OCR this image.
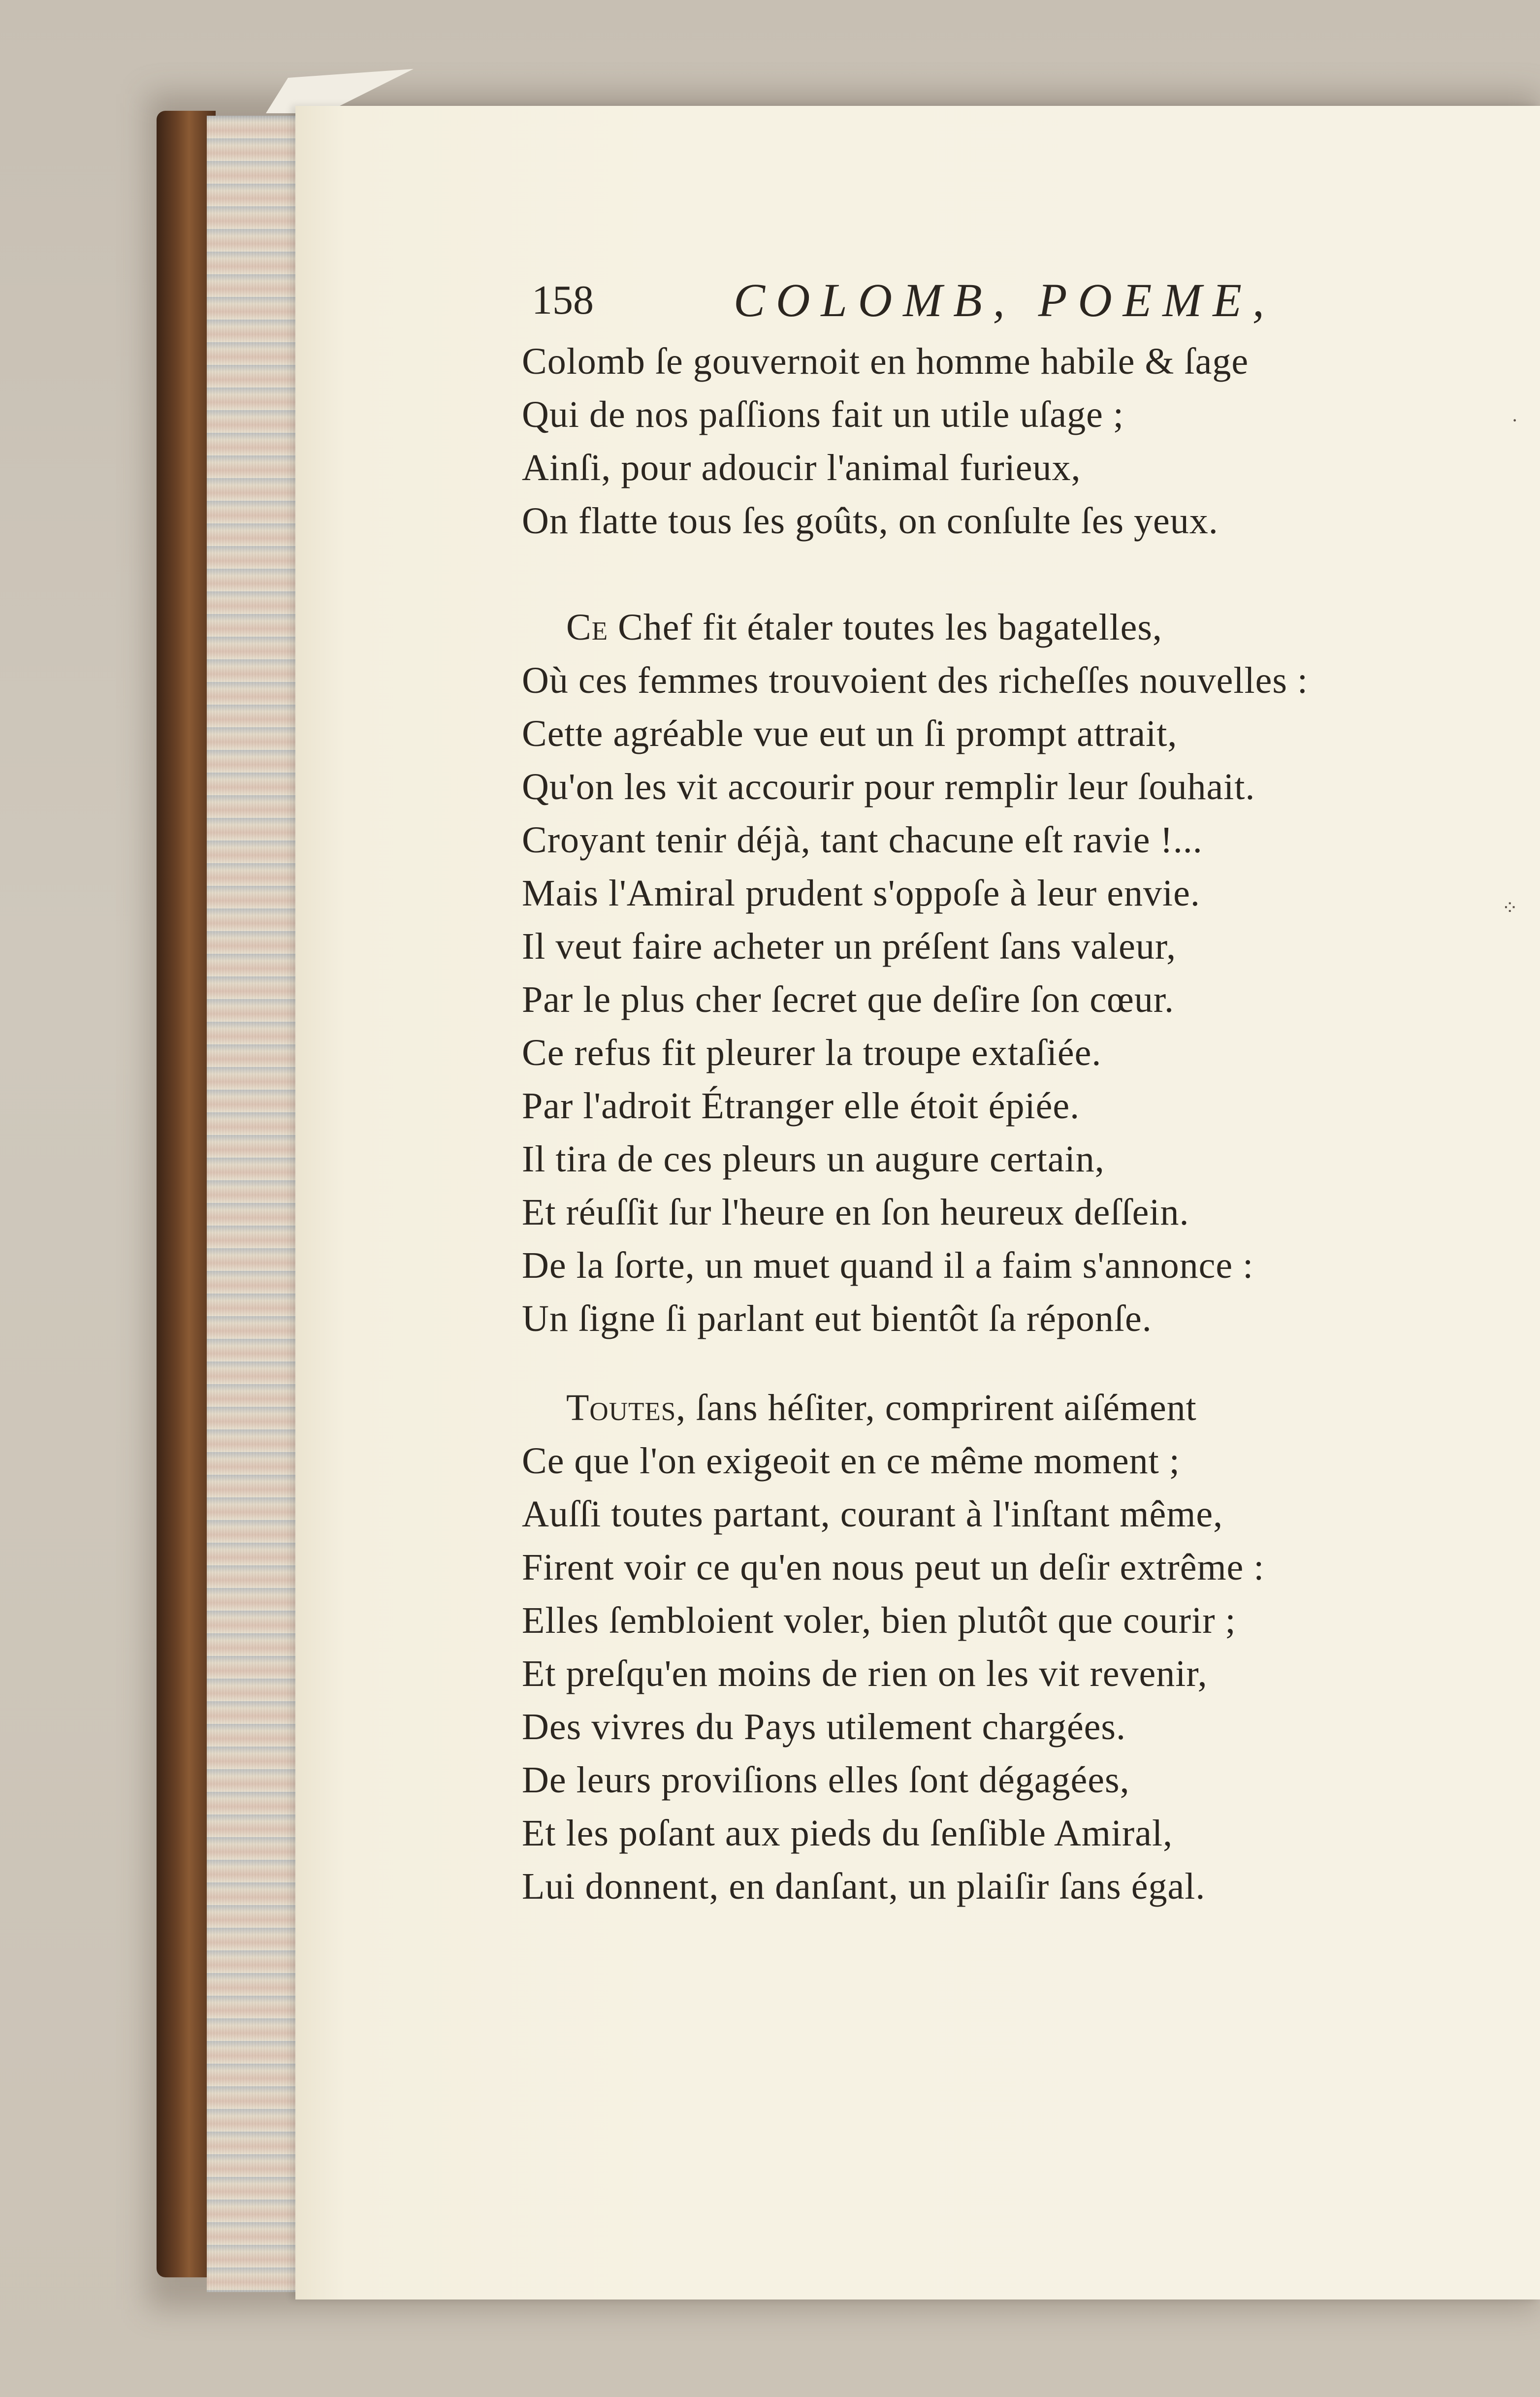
158	COLOMB, POEME,
Colomb ſe gouvernoit en homme habile & ſage
Qui de nos paſſions fait un utile uſage ;
Ainſi, pour adoucir l'animal furieux,
On flatte tous ſes goûts, on conſulte ſes yeux.
Ce Chef fit étaler toutes les bagatelles,
Où ces femmes trouvoient des richeſſes nouvelles :
Cette agréable vue eut un ſi prompt attrait,
Qu'on les vit accourir pour remplir leur ſouhait.
Croyant tenir déjà, tant chacune eſt ravie !...
Mais l'Amiral prudent s'oppoſe à leur envie.
Il veut faire acheter un préſent ſans valeur,
Par le plus cher ſecret que deſire ſon cœur.
Ce refus fit pleurer la troupe extaſiée.
Par l'adroit Étranger elle étoit épiée.
Il tira de ces pleurs un augure certain,
Et réuſſit ſur l'heure en ſon heureux deſſein.
De la ſorte, un muet quand il a faim s'annonce :
Un ſigne ſi parlant eut bientôt ſa réponſe.
Toutes, ſans héſiter, comprirent aiſément
Ce que l'on exigeoit en ce même moment ;
Auſſi toutes partant, courant à l'inſtant même,
Firent voir ce qu'en nous peut un deſir extrême :
Elles ſembloient voler, bien plutôt que courir ;
Et preſqu'en moins de rien on les vit revenir,
Des vivres du Pays utilement chargées.
De leurs proviſions elles ſont dégagées,
Et les poſant aux pieds du ſenſible Amiral,
Lui donnent, en danſant, un plaiſir ſans égal.
⁘
·
